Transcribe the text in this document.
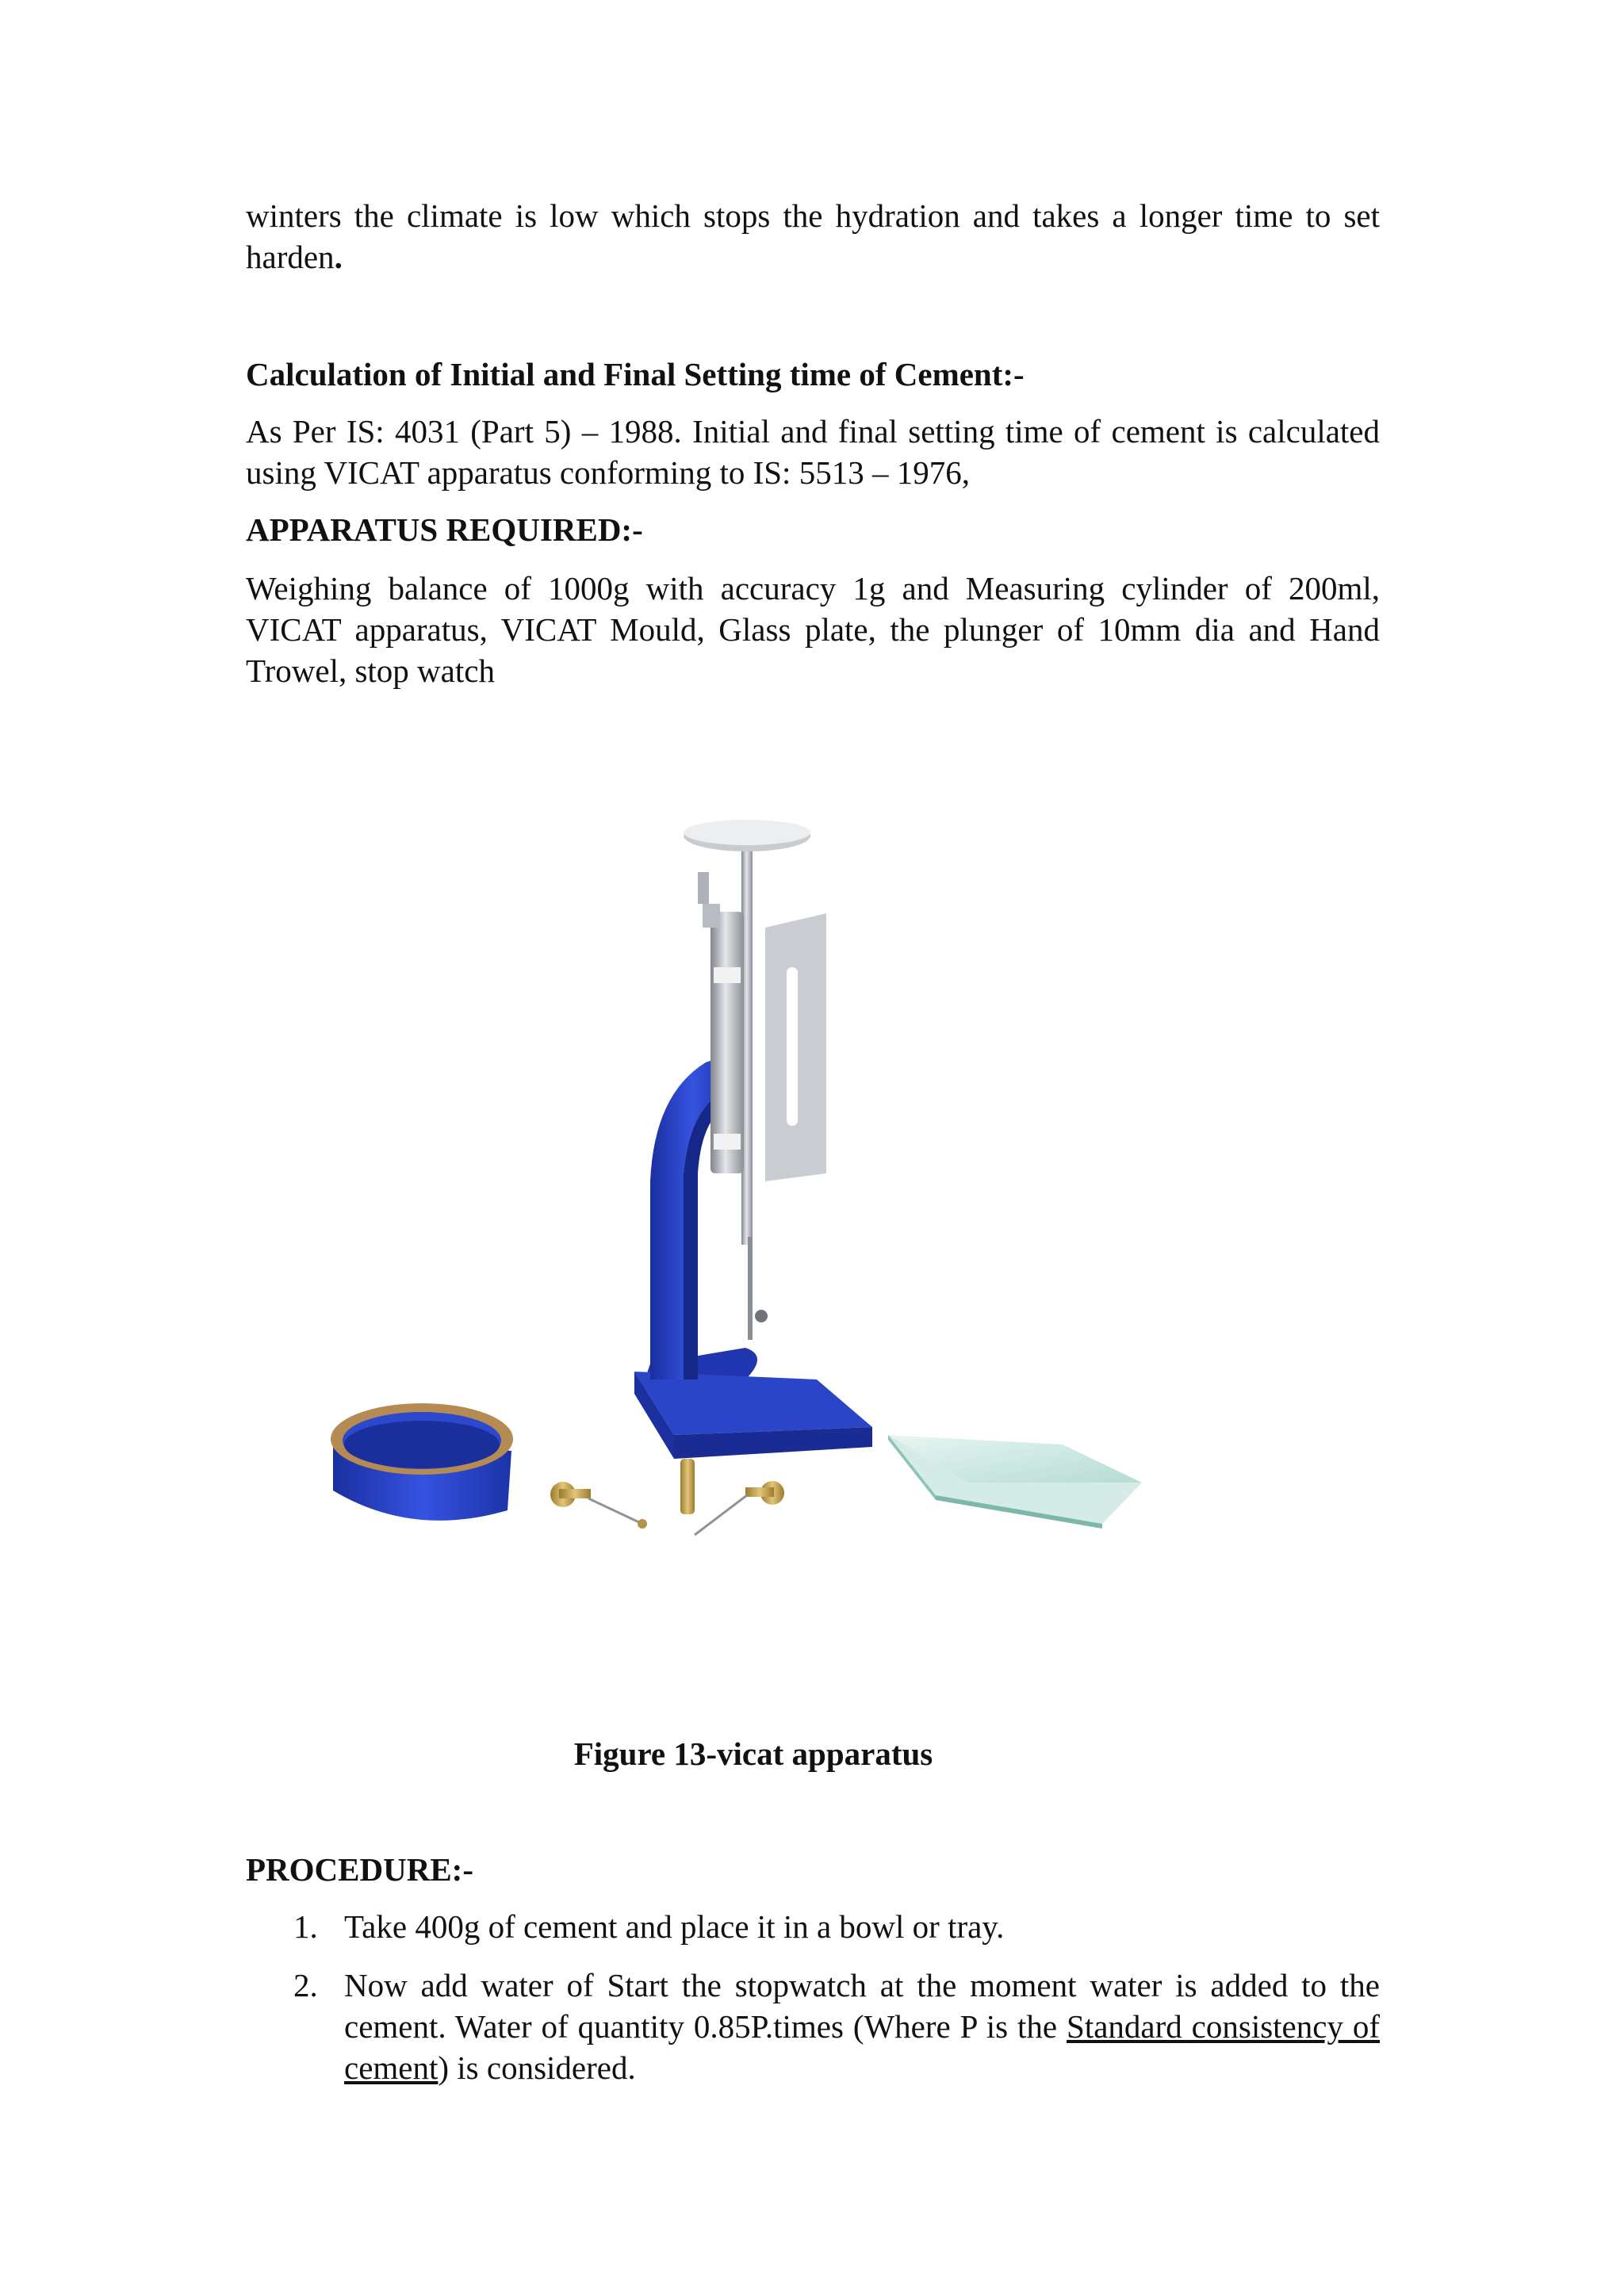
winters the climate is low which stops the hydration and takes a longer time to set harden.

Calculation of Initial and Final Setting time of Cement:-

As Per IS: 4031 (Part 5) – 1988. Initial and final setting time of cement is calculated using VICAT apparatus conforming to IS: 5513 – 1976,

APPARATUS REQUIRED:-

Weighing balance of 1000g with accuracy 1g and Measuring cylinder of 200ml, VICAT apparatus, VICAT Mould, Glass plate, the plunger of 10mm dia and Hand Trowel, stop watch

Figure 13-vicat apparatus

PROCEDURE:-
1. Take 400g of cement and place it in a bowl or tray.
2. Now add water of Start the stopwatch at the moment water is added to the cement. Water of quantity 0.85P.times (Where P is the Standard consistency of cement) is considered.
